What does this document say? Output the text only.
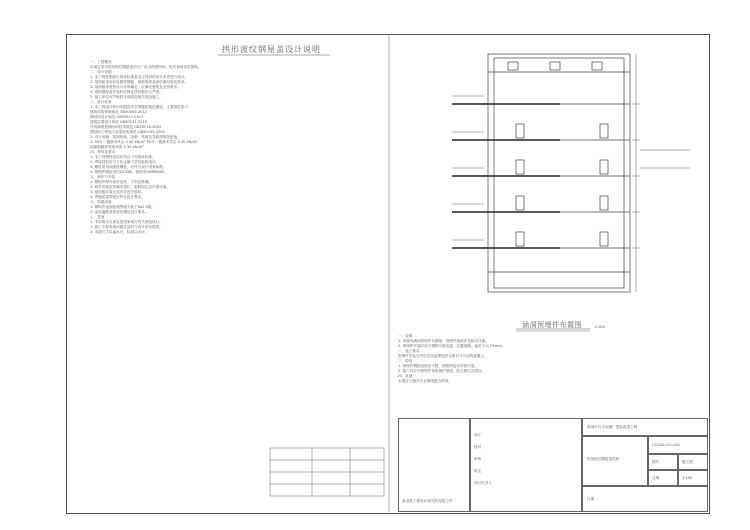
拱形波纹钢屋盖设计说明
一、工程概况
本项目采用拱形波纹钢屋盖用于厂房大跨度结构，相关参数详见图纸。
二、设计依据
1. 本工程依据现行国家标准及业主提供的设计条件进行设计。
2. 屋面板采用彩色镀锌钢板，基板厚度及涂层满足规范要求。
3. 屋面板厚度按设计计算确定，应满足强度及变形要求。
4. 拱形钢屋盖安装时应保证拱形板咬合严密。
5. 施工单位应严格按本说明及相关规范施工。
三、设计标准
1. 本工程设计使用年限及安全等级按规范确定，主要规范如下：
建筑结构荷载规范 GB50009-2012
钢结构设计规范 GB50017-2017
建筑抗震设计规范 GB50011-2010
冷弯薄壁型钢结构技术规范 GB50018-2002
钢结构工程施工质量验收规范 GB50205-2001
2. 设计荷载：屋面恒载、活载、风载及雪载按规范取值。
3. 50年一遇基本风压 0.40 kN/m² 50年一遇基本雪压 0.30 kN/m²
地面粗糙度类别 B类 0.30 kN/m²
四、材料及要求
1. 本工程钢材选用应符合下列国家标准。
2. 焊接材料应与主体金属力学性能相适应。
3. 螺栓采用高强度螺栓，应符合现行国家标准。
4. 预埋件钢板采用Q235B，锚筋采用HRB400。
五、制作与安装
1. 钢构件制作前应放样，下料应准确。
2. 构件安装应按顺序进行，临时固定应牢固可靠。
3. 屋面板安装完成后应进行验收。
4. 焊缝质量等级应符合设计要求。
六、防腐涂装
1. 钢构件表面处理等级不低于Sa2.5级。
2. 涂装遍数及厚度应满足设计要求。
七、其他
1. 本说明未尽事宜按国家现行有关规范执行。
2. 施工中如发现问题应及时与设计单位联系。
3. 本图尺寸以毫米计，标高以米计。
涵洞预埋件布置图	1:100
一、说明
1. 本图为涵洞预埋件布置图，预埋件规格详见相关详图。
2. 预埋件安装时应与钢筋可靠连接，位置准确，偏差不大于5mm。
二、施工要求
预埋件安装完毕后应经监理验收合格后方可浇筑混凝土。
三、检验
1. 预埋件钢板表面应平整，锚筋焊接应牢固可靠。
2. 施工时应对预埋件采取保护措施，防止移位及损坏。
四、其他
本图应与相关专业图纸配合使用。
某市政工程设计研究院有限公司
设计
校对
审核
审定
项目负责人
某城市污水处理厂提标改造工程
拱形波纹钢屋盖结构
CS12B-101-001
图号	施工图
比例	1:100
日期
